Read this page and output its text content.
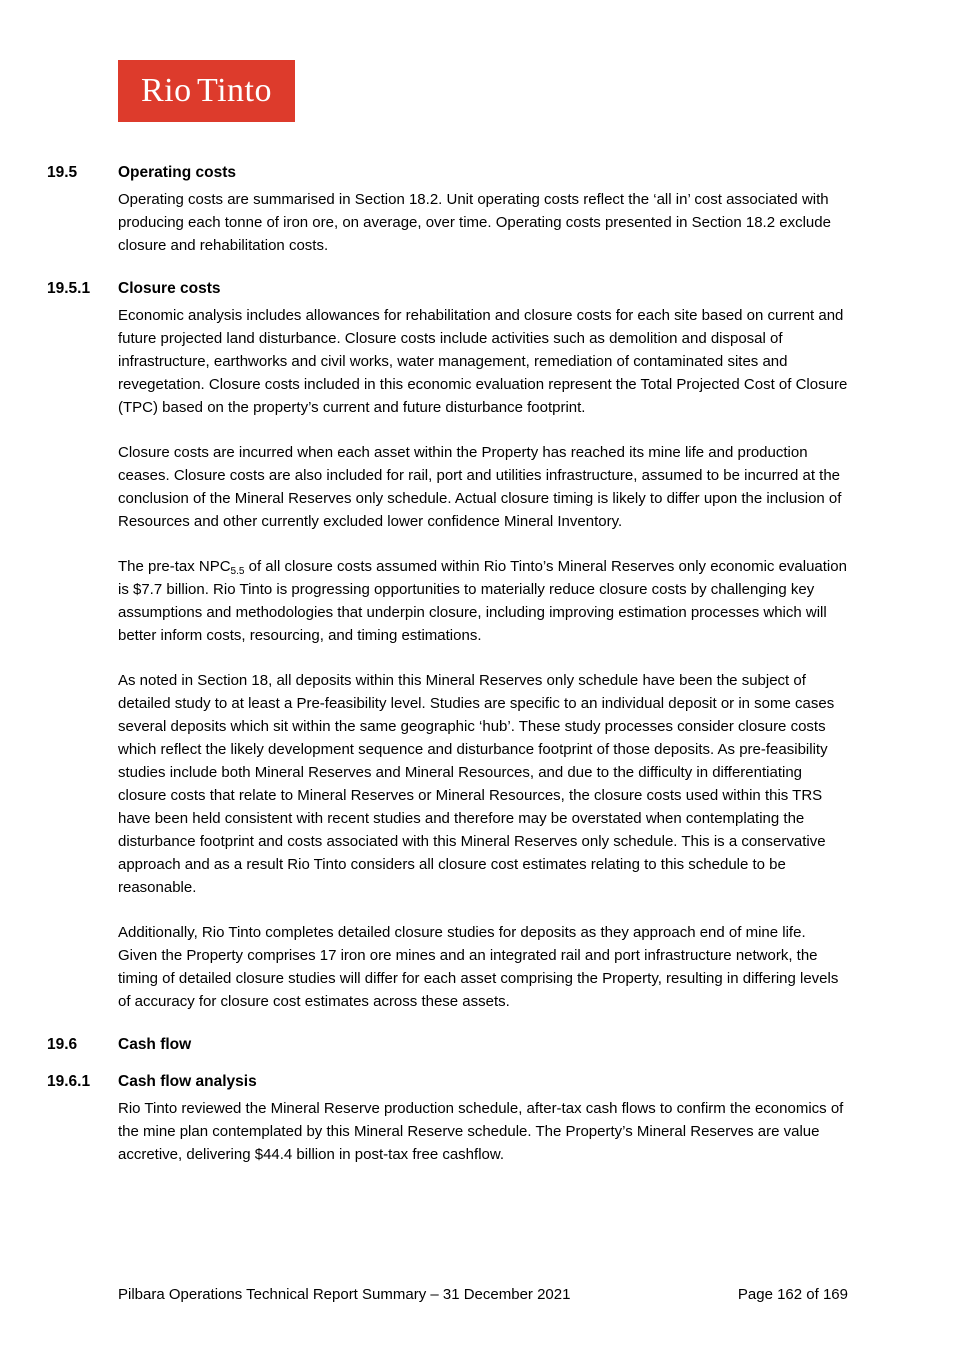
Rio Tinto
19.5	Operating costs

Operating costs are summarised in Section 18.2. Unit operating costs reflect the ‘all in’ cost associated with producing each tonne of iron ore, on average, over time. Operating costs presented in Section 18.2 exclude closure and rehabilitation costs.

19.5.1	Closure costs

Economic analysis includes allowances for rehabilitation and closure costs for each site based on current and future projected land disturbance. Closure costs include activities such as demolition and disposal of infrastructure, earthworks and civil works, water management, remediation of contaminated sites and revegetation. Closure costs included in this economic evaluation represent the Total Projected Cost of Closure (TPC) based on the property’s current and future disturbance footprint.

Closure costs are incurred when each asset within the Property has reached its mine life and production ceases. Closure costs are also included for rail, port and utilities infrastructure, assumed to be incurred at the conclusion of the Mineral Reserves only schedule. Actual closure timing is likely to differ upon the inclusion of Resources and other currently excluded lower confidence Mineral Inventory.

The pre-tax $NPC_{5.5}$ of all closure costs assumed within Rio Tinto’s Mineral Reserves only economic evaluation is $7.7 billion. Rio Tinto is progressing opportunities to materially reduce closure costs by challenging key assumptions and methodologies that underpin closure, including improving estimation processes which will better inform costs, resourcing, and timing estimations.

As noted in Section 18, all deposits within this Mineral Reserves only schedule have been the subject of detailed study to at least a Pre-feasibility level. Studies are specific to an individual deposit or in some cases several deposits which sit within the same geographic ‘hub’. These study processes consider closure costs which reflect the likely development sequence and disturbance footprint of those deposits. As pre-feasibility studies include both Mineral Reserves and Mineral Resources, and due to the difficulty in differentiating closure costs that relate to Mineral Reserves or Mineral Resources, the closure costs used within this TRS have been held consistent with recent studies and therefore may be overstated when contemplating the disturbance footprint and costs associated with this Mineral Reserves only schedule. This is a conservative approach and as a result Rio Tinto considers all closure cost estimates relating to this schedule to be reasonable.

Additionally, Rio Tinto completes detailed closure studies for deposits as they approach end of mine life. Given the Property comprises 17 iron ore mines and an integrated rail and port infrastructure network, the timing of detailed closure studies will differ for each asset comprising the Property, resulting in differing levels of accuracy for closure cost estimates across these assets.

19.6	Cash flow
19.6.1	Cash flow analysis

Rio Tinto reviewed the Mineral Reserve production schedule, after-tax cash flows to confirm the economics of the mine plan contemplated by this Mineral Reserve schedule. The Property’s Mineral Reserves are value accretive, delivering $44.4 billion in post-tax free cashflow.

Pilbara Operations Technical Report Summary – 31 December 2021	Page 162 of 169
